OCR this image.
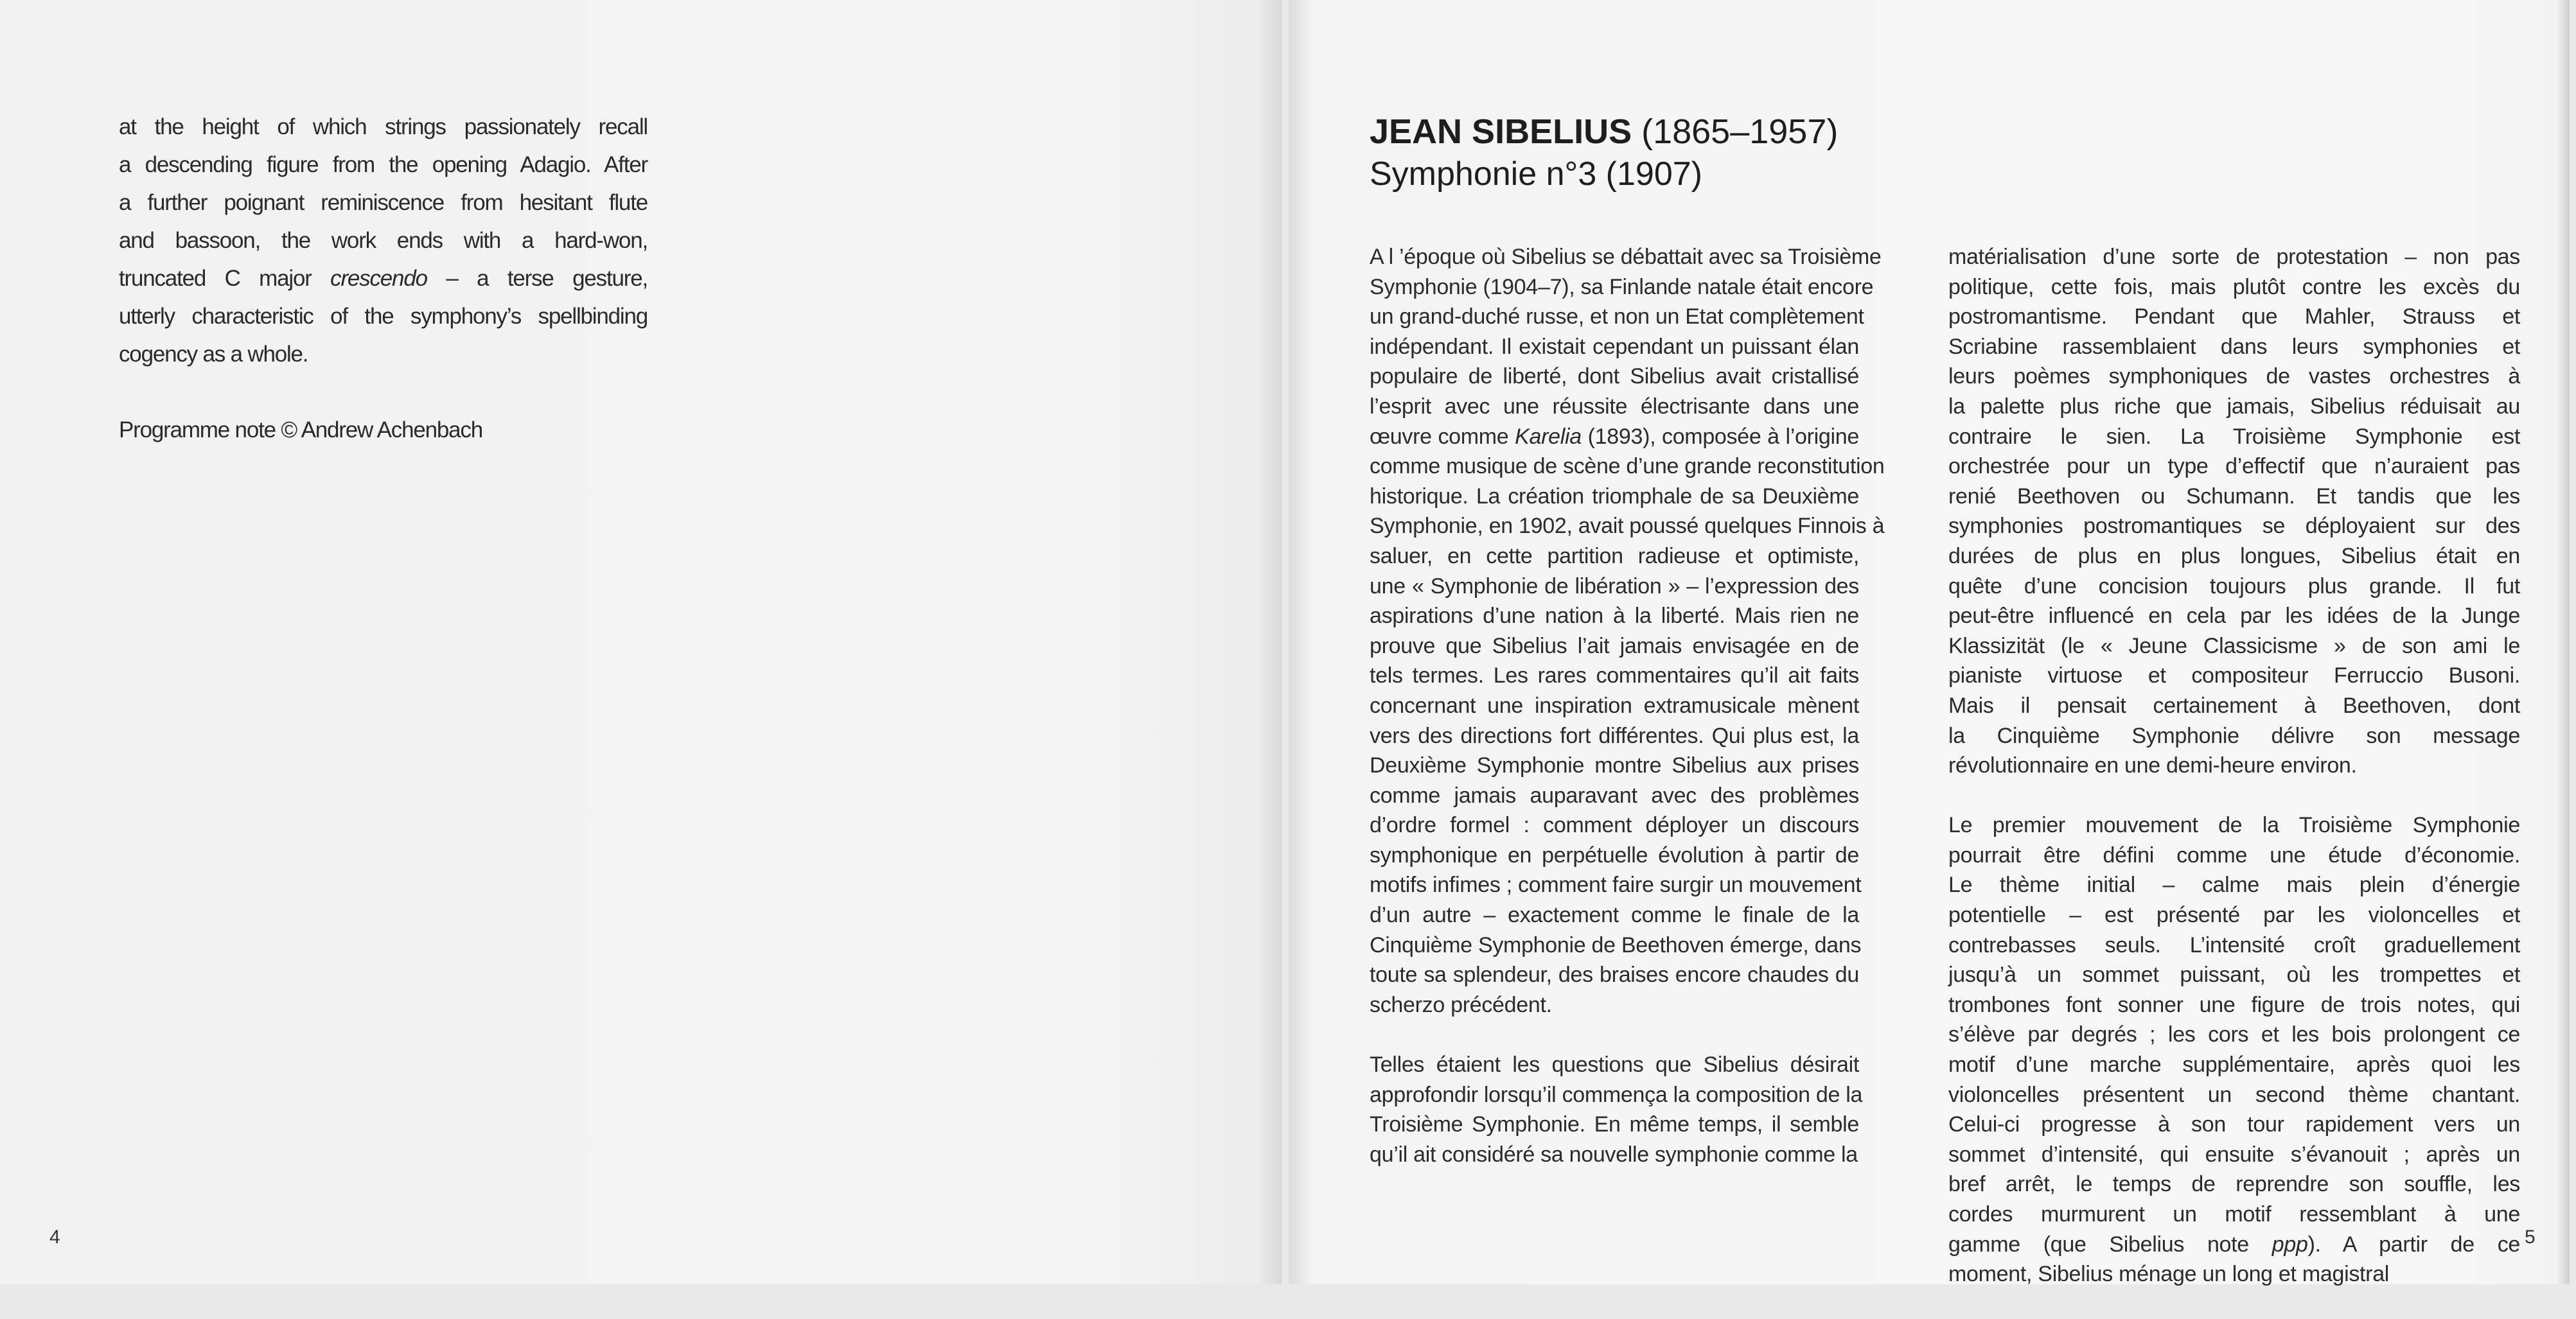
at the height of which strings passionately recall
a descending figure from the opening Adagio. After
a further poignant reminiscence from hesitant flute
and bassoon, the work ends with a hard-won,
truncated C major crescendo – a terse gesture,
utterly characteristic of the symphony’s spellbinding
cogency as a whole.
Programme note © Andrew Achenbach
4	5
JEAN SIBELIUS (1865–1957)
Symphonie n°3 (1907)
A l ’époque où Sibelius se débattait avec sa Troisième
Symphonie (1904–7), sa Finlande natale était encore
un grand-duché russe, et non un Etat complètement
indépendant. Il existait cependant un puissant élan
populaire de liberté, dont Sibelius avait cristallisé
l’esprit avec une réussite électrisante dans une
œuvre comme Karelia (1893), composée à l’origine
comme musique de scène d’une grande reconstitution
historique. La création triomphale de sa Deuxième
Symphonie, en 1902, avait poussé quelques Finnois à
saluer, en cette partition radieuse et optimiste,
une « Symphonie de libération » – l’expression des
aspirations d’une nation à la liberté. Mais rien ne
prouve que Sibelius l’ait jamais envisagée en de
tels termes. Les rares commentaires qu’il ait faits
concernant une inspiration extramusicale mènent
vers des directions fort différentes. Qui plus est, la
Deuxième Symphonie montre Sibelius aux prises
comme jamais auparavant avec des problèmes
d’ordre formel : comment déployer un discours
symphonique en perpétuelle évolution à partir de
motifs infimes ; comment faire surgir un mouvement
d’un autre – exactement comme le finale de la
Cinquième Symphonie de Beethoven émerge, dans
toute sa splendeur, des braises encore chaudes du
scherzo précédent.
Telles étaient les questions que Sibelius désirait
approfondir lorsqu’il commença la composition de la
Troisième Symphonie. En même temps, il semble
qu’il ait considéré sa nouvelle symphonie comme la
matérialisation d’une sorte de protestation – non pas
politique, cette fois, mais plutôt contre les excès du
postromantisme. Pendant que Mahler, Strauss et
Scriabine rassemblaient dans leurs symphonies et
leurs poèmes symphoniques de vastes orchestres à
la palette plus riche que jamais, Sibelius réduisait au
contraire le sien. La Troisième Symphonie est
orchestrée pour un type d’effectif que n’auraient pas
renié Beethoven ou Schumann. Et tandis que les
symphonies postromantiques se déployaient sur des
durées de plus en plus longues, Sibelius était en
quête d’une concision toujours plus grande. Il fut
peut-être influencé en cela par les idées de la Junge
Klassizität (le « Jeune Classicisme » de son ami le
pianiste virtuose et compositeur Ferruccio Busoni.
Mais il pensait certainement à Beethoven, dont
la Cinquième Symphonie délivre son message
révolutionnaire en une demi-heure environ.
Le premier mouvement de la Troisième Symphonie
pourrait être défini comme une étude d’économie.
Le thème initial – calme mais plein d’énergie
potentielle – est présenté par les violoncelles et
contrebasses seuls. L’intensité croît graduellement
jusqu’à un sommet puissant, où les trompettes et
trombones font sonner une figure de trois notes, qui
s’élève par degrés ; les cors et les bois prolongent ce
motif d’une marche supplémentaire, après quoi les
violoncelles présentent un second thème chantant.
Celui-ci progresse à son tour rapidement vers un
sommet d’intensité, qui ensuite s’évanouit ; après un
bref arrêt, le temps de reprendre son souffle, les
cordes murmurent un motif ressemblant à une
gamme (que Sibelius note ppp). A partir de ce
moment, Sibelius ménage un long et magistral
